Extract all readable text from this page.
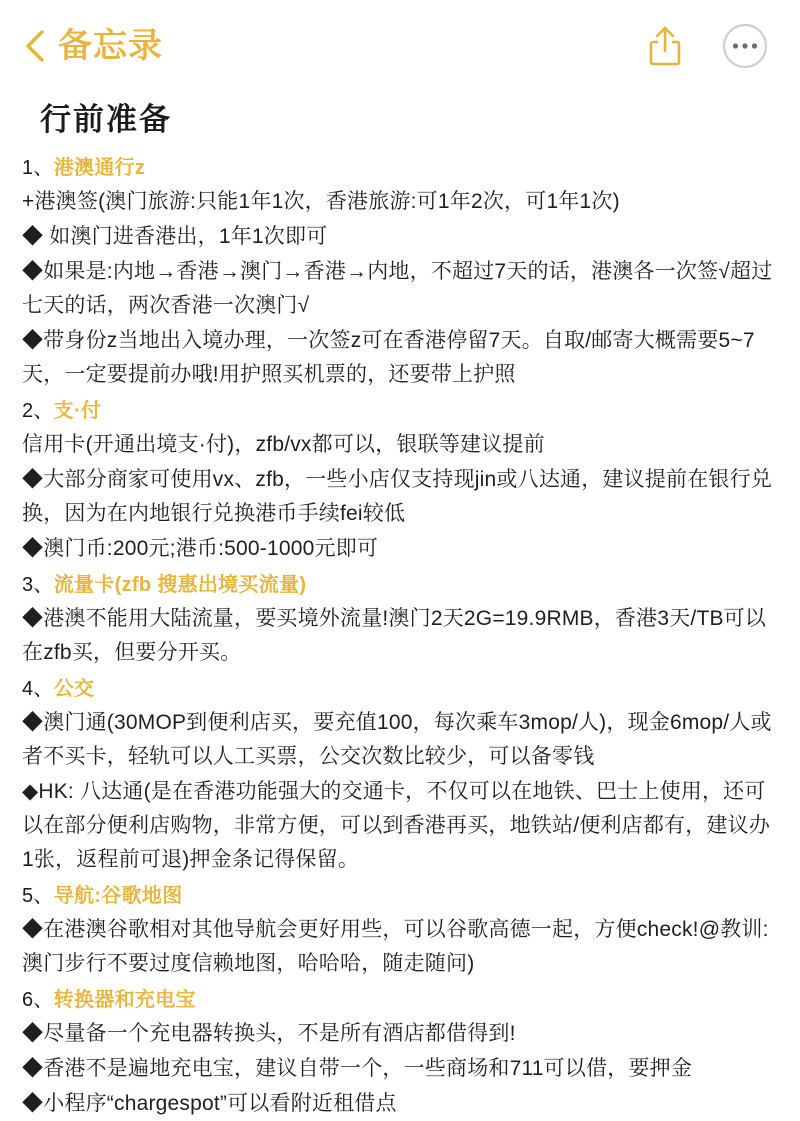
备忘录
行前准备
1、港澳通行z

+港澳签(澳门旅游:只能1年1次，香港旅游:可1年2次，可1年1次)

◆ 如澳门进香港出，1年1次即可

◆如果是:内地→香港→澳门→香港→内地，不超过7天的话，港澳各一次签√超过七天的话，两次香港一次澳门√

◆带身份z当地出入境办理，一次签z可在香港停留7天。自取/邮寄大概需要5~7天，一定要提前办哦!用护照买机票的，还要带上护照

2、支·付

信用卡(开通出境支·付)，zfb/vx都可以，银联等建议提前

◆大部分商家可使用vx、zfb，一些小店仅支持现jin或八达通，建议提前在银行兑换，因为在内地银行兑换港币手续fei较低

◆澳门币:200元;港币:500-1000元即可

3、流量卡(zfb 搜惠出境买流量)

◆港澳不能用大陆流量，要买境外流量!澳门2天2G=19.9RMB，香港3天/TB可以在zfb买，但要分开买。

4、公交

◆澳门通(30MOP到便利店买，要充值100，每次乘车3mop/人)，现金6mop/人或者不买卡，轻轨可以人工买票，公交次数比较少，可以备零钱

◆HK: 八达通(是在香港功能强大的交通卡，不仅可以在地铁、巴士上使用，还可以在部分便利店购物，非常方便，可以到香港再买，地铁站/便利店都有，建议办1张，返程前可退)押金条记得保留。

5、导航:谷歌地图

◆在港澳谷歌相对其他导航会更好用些，可以谷歌高德一起，方便check!@教训:澳门步行不要过度信赖地图，哈哈哈，随走随问)

6、转换器和充电宝

◆尽量备一个充电器转换头，不是所有酒店都借得到!

◆香港不是遍地充电宝，建议自带一个，一些商场和711可以借，要押金

◆小程序“chargespot”可以看附近租借点
